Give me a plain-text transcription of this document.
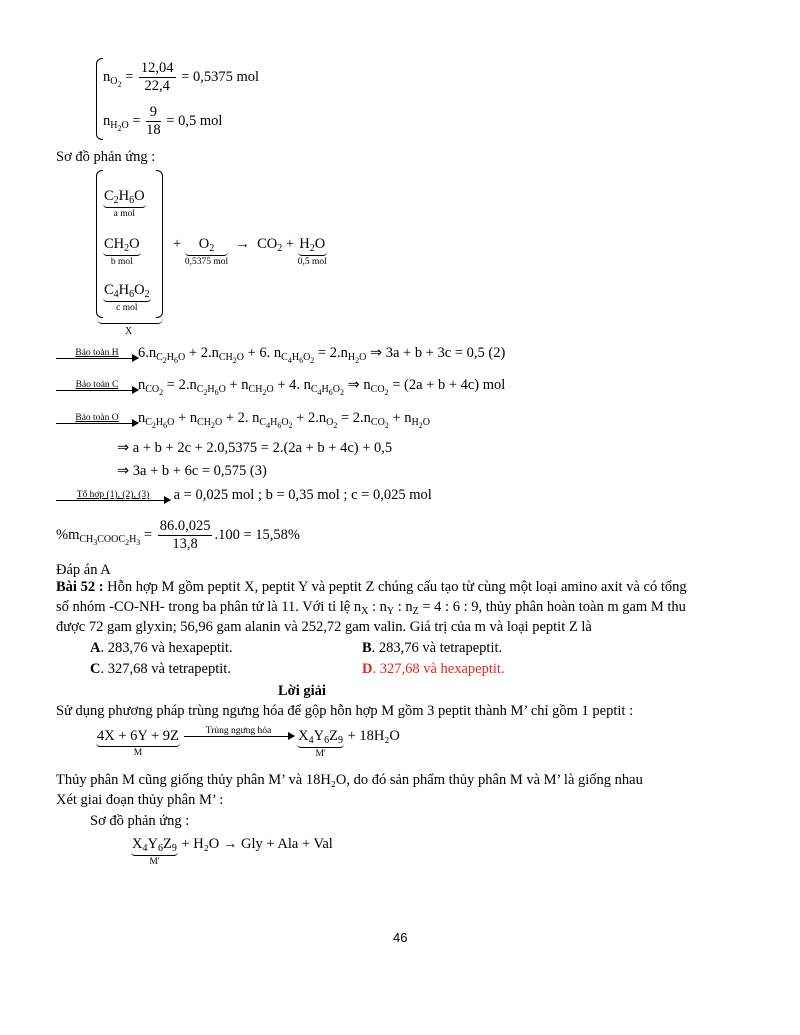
$n_{O_2} = \frac{12,04}{22,4} = 0,5375$ mol
$n_{H_2O} = \frac{9}{18} = 0,5$ mol
Sơ đồ phản ứng :
$C_2H_6O$
a mol
$CH_2O$
b mol
$C_4H_6O_2$
c mol
X
+ $O_2$
0,5375 mol
→  $CO_2 + H_2O$
0,5 mol
Bảo toàn H	$6.n_{C_2H_6O} + 2.n_{CH_2O} + 6$. $n_{C_4H_6O_2} = 2.n_{H_2O}$ ⇒ 3a + b + 3c = 0,5 (2)
Bảo toàn C	$n_{CO_2} = 2.n_{C_2H_6O} + n_{CH_2O} + 4$. $n_{C_4H_6O_2}$ ⇒ $n_{CO_2} = (2a + b + 4c)$ mol
Bảo toàn O	$n_{C_2H_6O} + n_{CH_2O} + 2$. $n_{C_4H_6O_2} + 2.n_{O_2} = 2.n_{CO_2} + n_{H_2O}$
⇒ a + b + 2c + 2.0,5375 = 2.(2a + b + 4c) + 0,5
⇒ 3a + b + 6c = 0,575 (3)
Tổ hợp (1), (2), (3)	a = 0,025 mol ; b = 0,35 mol ; c = 0,025 mol
$\%m_{CH_3COOC_2H_3} = \frac{86.0,025}{13,8} .100 = 15,58\%$
Đáp án A
Bài 52 : Hỗn hợp M gồm peptit X, peptit Y và peptit Z chúng cấu tạo từ cùng một loại amino axit và có tổng
số nhóm -CO-NH- trong ba phân tử là 11. Với tỉ lệ $n_X$ : $n_Y$ : $n_Z = 4$ : 6 : 9, thủy phân hoàn toàn m gam M thu
được 72 gam glyxin; 56,96 gam alanin và 252,72 gam valin. Giá trị của m và loại peptit Z là
A. 283,76 và hexapeptit.	B. 283,76 và tetrapeptit.
C. 327,68 và tetrapeptit.	D. 327,68 và hexapeptit.
Lời giải
Sử dụng phương pháp trùng ngưng hóa để gộp hỗn hợp M gồm 3 peptit thành M’ chỉ gồm 1 peptit :
4X + 6Y + 9Z
M

Trùng ngưng hóa
	$X_4Y_6Z_9$
M'
+ 18H₂O
Thủy phân M cũng giống thủy phân M’ và 18H₂O, do đó sản phẩm thủy phân M và M’ là giống nhau
Xét giai đoạn thủy phân M’ :
Sơ đồ phản ứng :
$X_4Y_6Z_9$
M'
+ H₂O → Gly + Ala + Val
46
